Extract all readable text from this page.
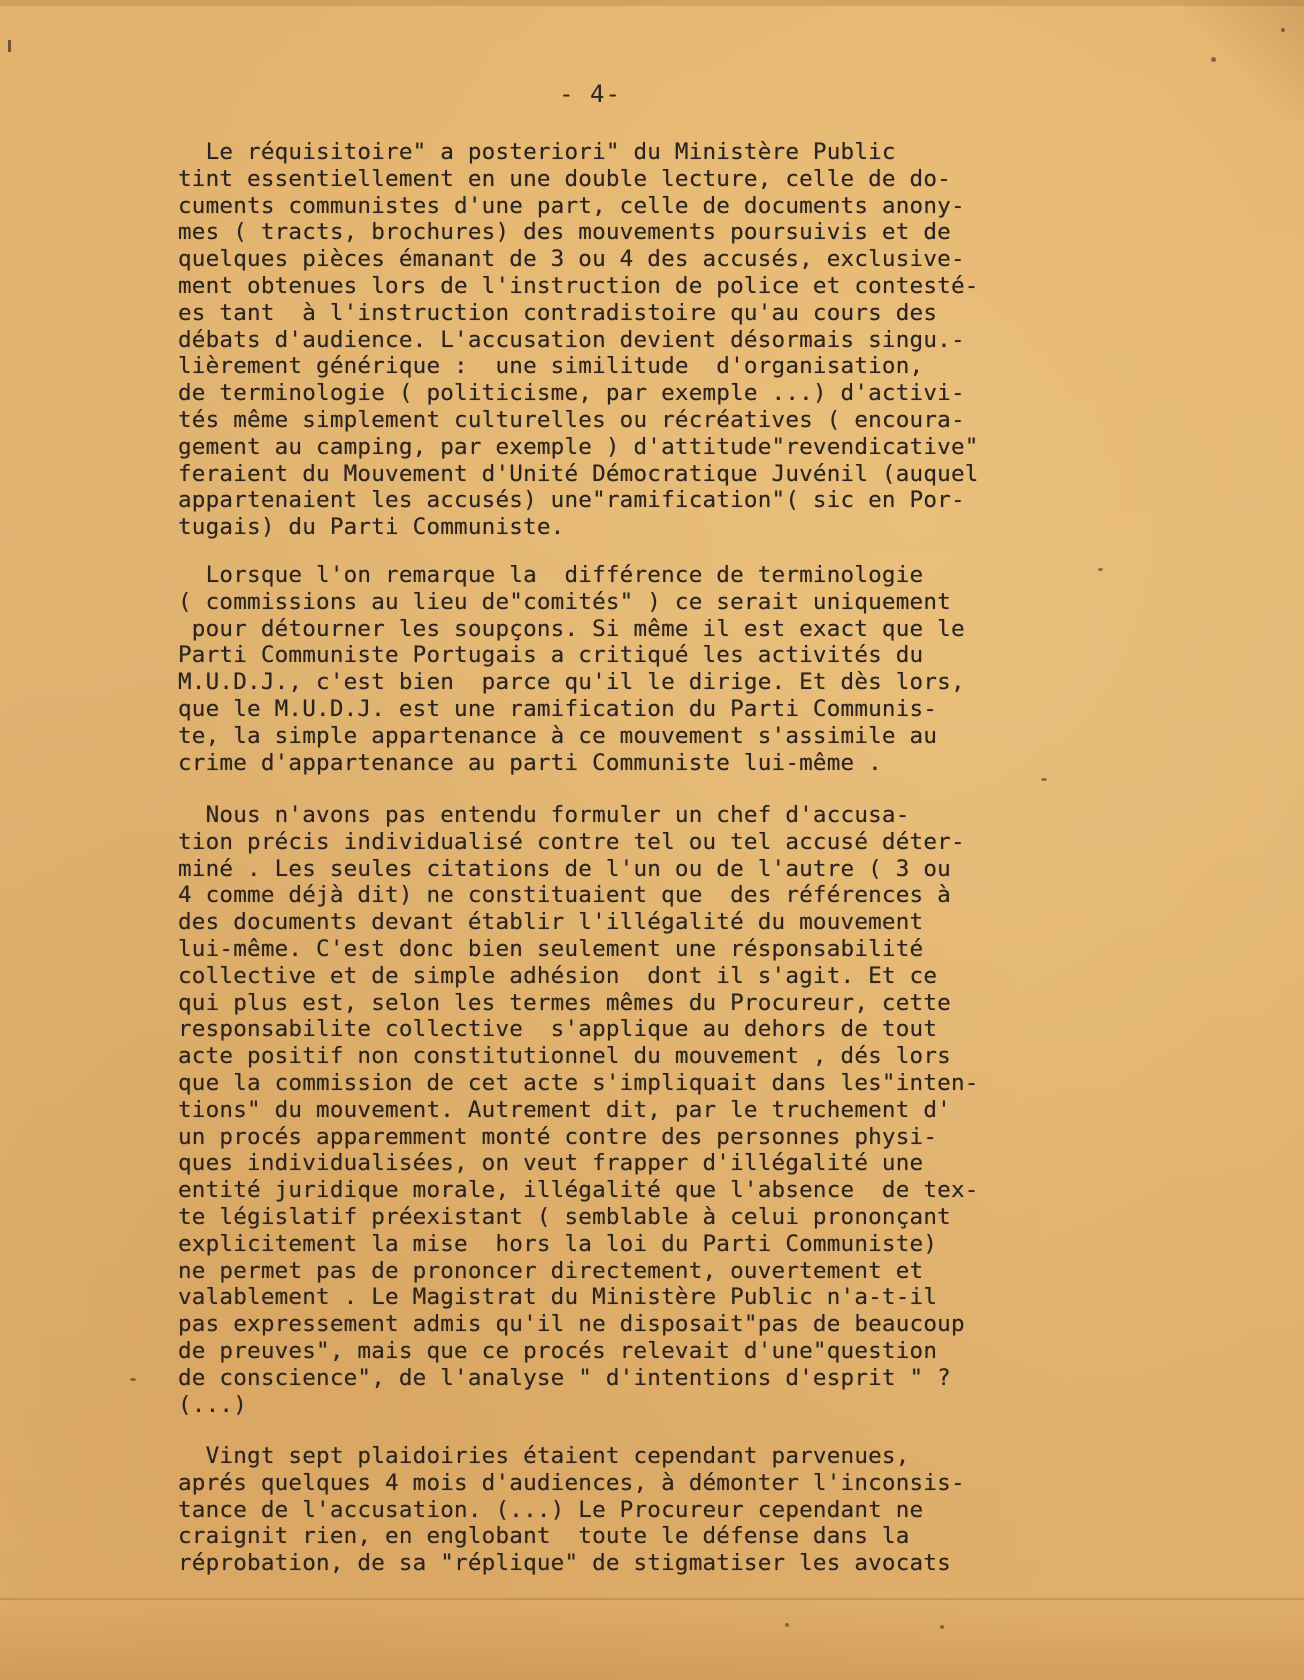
- 4-
Le réquisitoire" a posteriori" du Ministère Public
tint essentiellement en une double lecture, celle de do-
cuments communistes d'une part, celle de documents anony-
mes ( tracts, brochures) des mouvements poursuivis et de
quelques pièces émanant de 3 ou 4 des accusés, exclusive-
ment obtenues lors de l'instruction de police et contesté-
es tant  à l'instruction contradistoire qu'au cours des
débats d'audience. L'accusation devient désormais singu.-
lièrement générique :  une similitude  d'organisation,
de terminologie ( politicisme, par exemple ...) d'activi-
tés même simplement culturelles ou récréatives ( encoura-
gement au camping, par exemple ) d'attitude"revendicative"
feraient du Mouvement d'Unité Démocratique Juvénil (auquel
appartenaient les accusés) une"ramification"( sic en Por-
tugais) du Parti Communiste.
Lorsque l'on remarque la  différence de terminologie
( commissions au lieu de"comités" ) ce serait uniquement
pour détourner les soupçons. Si même il est exact que le
Parti Communiste Portugais a critiqué les activités du
M.U.D.J., c'est bien  parce qu'il le dirige. Et dès lors,
que le M.U.D.J. est une ramification du Parti Communis-
te, la simple appartenance à ce mouvement s'assimile au
crime d'appartenance au parti Communiste lui-même .
Nous n'avons pas entendu formuler un chef d'accusa-
tion précis individualisé contre tel ou tel accusé déter-
miné . Les seules citations de l'un ou de l'autre ( 3 ou
4 comme déjà dit) ne constituaient que  des références à
des documents devant établir l'illégalité du mouvement
lui-même. C'est donc bien seulement une résponsabilité
collective et de simple adhésion  dont il s'agit. Et ce
qui plus est, selon les termes mêmes du Procureur, cette
responsabilite collective  s'applique au dehors de tout
acte positif non constitutionnel du mouvement , dés lors
que la commission de cet acte s'impliquait dans les"inten-
tions" du mouvement. Autrement dit, par le truchement d'
un procés apparemment monté contre des personnes physi-
ques individualisées, on veut frapper d'illégalité une
entité juridique morale, illégalité que l'absence  de tex-
te législatif préexistant ( semblable à celui prononçant
explicitement la mise  hors la loi du Parti Communiste)
ne permet pas de prononcer directement, ouvertement et
valablement . Le Magistrat du Ministère Public n'a-t-il
pas expressement admis qu'il ne disposait"pas de beaucoup
de preuves", mais que ce procés relevait d'une"question
de conscience", de l'analyse " d'intentions d'esprit " ?
(...)
Vingt sept plaidoiries étaient cependant parvenues,
aprés quelques 4 mois d'audiences, à démonter l'inconsis-
tance de l'accusation. (...) Le Procureur cependant ne
craignit rien, en englobant  toute le défense dans la
réprobation, de sa "réplique" de stigmatiser les avocats
